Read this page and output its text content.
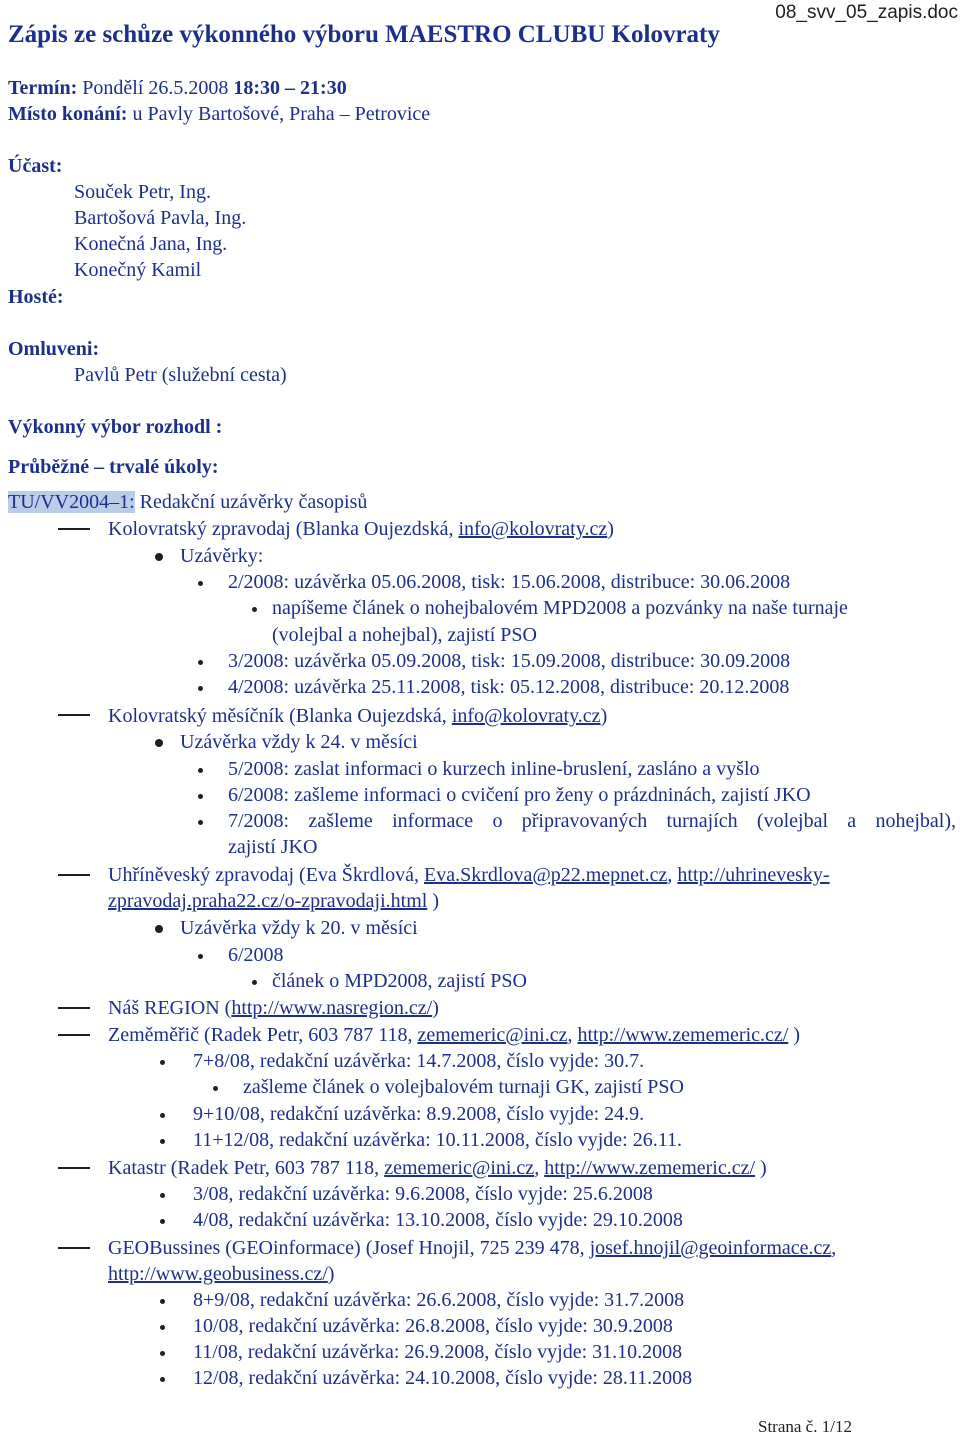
Zápis ze schůze výkonného výboru MAESTRO CLUBU Kolovraty
08_svv_05_zapis.doc
Termín: Pondělí 26.5.2008 18:30 – 21:30
Místo konání: u Pavly Bartošové, Praha – Petrovice
Účast:
Souček Petr, Ing.
Bartošová Pavla, Ing.
Konečná Jana, Ing.
Konečný Kamil
Hosté:
Omluveni:
Pavlů Petr (služební cesta)
Výkonný výbor rozhodl :
Průběžné – trvalé úkoly:
TU/VV2004–1: Redakční uzávěrky časopisů
Kolovratský zpravodaj (Blanka Oujezdská, info@kolovraty.cz)
Uzávěrky:
2/2008: uzávěrka 05.06.2008, tisk: 15.06.2008, distribuce: 30.06.2008
napíšeme článek o nohejbalovém MPD2008 a pozvánky na naše turnaje
(volejbal a nohejbal), zajistí PSO
3/2008: uzávěrka 05.09.2008, tisk: 15.09.2008, distribuce: 30.09.2008
4/2008: uzávěrka 25.11.2008, tisk: 05.12.2008, distribuce: 20.12.2008
Kolovratský měsíčník (Blanka Oujezdská, info@kolovraty.cz)
Uzávěrka vždy k 24. v měsíci
5/2008: zaslat informaci o kurzech inline-bruslení, zasláno a vyšlo
6/2008: zašleme informaci o cvičení pro ženy o prázdninách, zajistí JKO
7/2008: zašleme informace o připravovaných turnajích (volejbal a nohejbal),
zajistí JKO
Uhříněveský zpravodaj (Eva Škrdlová, Eva.Skrdlova@p22.mepnet.cz, http://uhrinevesky-
zpravodaj.praha22.cz/o-zpravodaji.html )
Uzávěrka vždy k 20. v měsíci
6/2008
článek o MPD2008, zajistí PSO
Náš REGION (http://www.nasregion.cz/)
Zeměměřič (Radek Petr, 603 787 118, zememeric@ini.cz, http://www.zememeric.cz/ )
7+8/08, redakční uzávěrka: 14.7.2008, číslo vyjde: 30.7.
zašleme článek o volejbalovém turnaji GK, zajistí PSO
9+10/08, redakční uzávěrka: 8.9.2008, číslo vyjde: 24.9.
11+12/08, redakční uzávěrka: 10.11.2008, číslo vyjde: 26.11.
Katastr (Radek Petr, 603 787 118, zememeric@ini.cz, http://www.zememeric.cz/ )
3/08, redakční uzávěrka: 9.6.2008, číslo vyjde: 25.6.2008
4/08, redakční uzávěrka: 13.10.2008, číslo vyjde: 29.10.2008
GEOBussines (GEOinformace) (Josef Hnojil, 725 239 478, josef.hnojil@geoinformace.cz,
http://www.geobusiness.cz/)
8+9/08, redakční uzávěrka: 26.6.2008, číslo vyjde: 31.7.2008
10/08, redakční uzávěrka: 26.8.2008, číslo vyjde: 30.9.2008
11/08, redakční uzávěrka: 26.9.2008, číslo vyjde: 31.10.2008
12/08, redakční uzávěrka: 24.10.2008, číslo vyjde: 28.11.2008
Strana č. 1/12
